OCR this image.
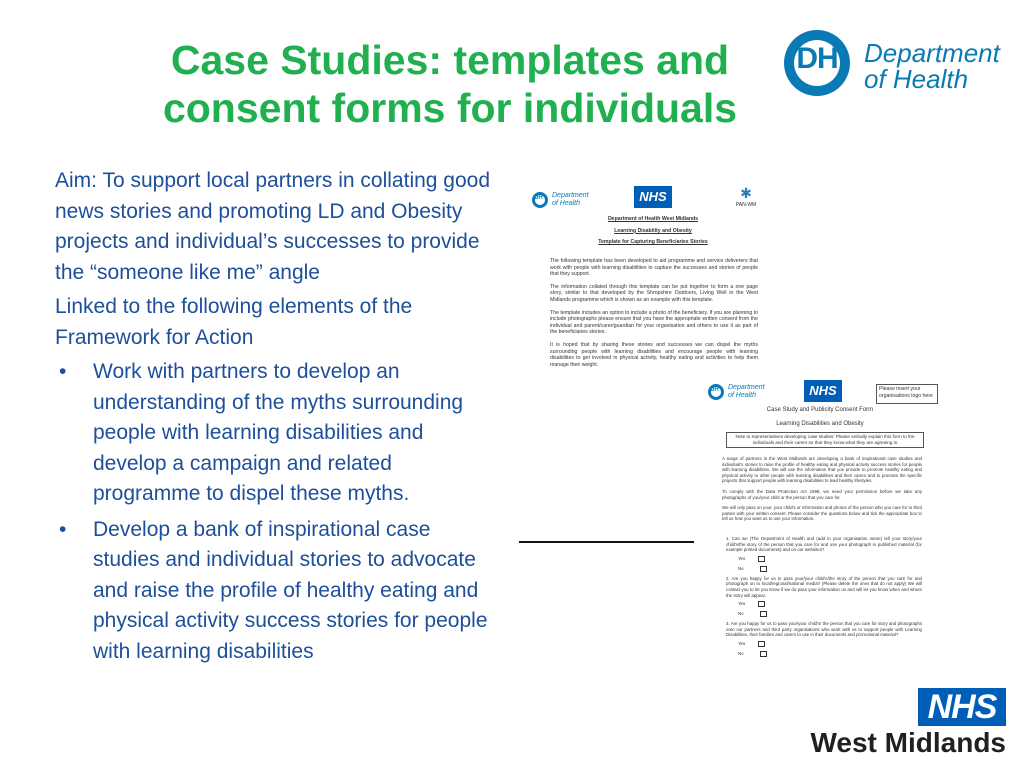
Case Studies: templates and
consent forms for individuals
DH	Department
of Health

Aim: To support local partners in collating good news stories and promoting LD and Obesity projects and individual’s successes to provide the “someone like me” angle

Linked to the following elements of the Framework for Action

• Work with partners to develop an understanding of the myths surrounding people with learning disabilities and develop a campaign and related programme to dispel these myths.
• Develop a bank of inspirational case studies and individual stories to advocate and raise the profile of healthy eating and physical activity success stories for people with learning disabilities
DH Department
of Health	NHS	✱
PAN-WM
Department of Health West Midlands
Learning Disability and Obesity
Template for Capturing Beneficiaries Stories
The following template has been developed to aid programme and service deliverers that work with people with learning disabilities to capture the successes and stories of people that they support.
The information collated through this template can be put together to form a one page story, similar to that developed by the Shropshire Outdoors, Living Well in the West Midlands programme which is shown as an example with this template.
The template includes an option to include a photo of the beneficiary. If you are planning to include photographs please ensure that you have the appropriate written consent from the individual and parent/carer/guardian for your organisation and others to use it as part of the beneficiaries stories.
It is hoped that by sharing these stories and successes we can dispel the myths surrounding people with learning disabilities and encourage people with learning disabilities to get involved in physical activity, healthy eating and activities to help them manage their weight.
DH Department
of Health	NHS	Please insert your organisations logo here
Case Study and Publicity Consent Form
Learning Disabilities and Obesity
Note to representatives developing case studies: Please verbally explain this form to the individuals and their carers so that they know what they are agreeing to
A range of partners in the West Midlands are developing a bank of inspirational case studies and individual's stories to raise the profile of healthy eating and physical activity success stories for people with learning disabilities. We will use the information that you provide to promote healthy eating and physical activity to other people with learning disabilities and their carers and to promote the specific projects that support people with learning disabilities to lead healthy lifestyles.
To comply with the Data Protection Act 1998, we need your permission before we take any photographs of you/your child or the person that you care for.
We will only pass on your, your child's or information and photos of the person who you care for to third parties with your written consent. Please consider the questions below and tick the appropriate box to tell us how you want us to use your information.
1. Can we (The Department of Health and (add in your organisation name) tell your story/your child's/the story of the person that you care for and use your photograph in published material (for example printed documents) and on our websites?
Yes
No
2. Are you happy for us to pass your/your child's/the story of the person that you care for and photograph on to local/regional/national media? (Please delete the ones that do not apply) We will contact you to let you know if we do pass your information on and will let you know when and where the story will appear.
Yes
No
3. Are you happy for us to pass your/your child's/ the person that you care for story and photographs onto our partners and third party organisations who work with us to support people with Learning Disabilities, their families and carers to use in their documents and promotional material?
Yes
No
NHS
West Midlands
